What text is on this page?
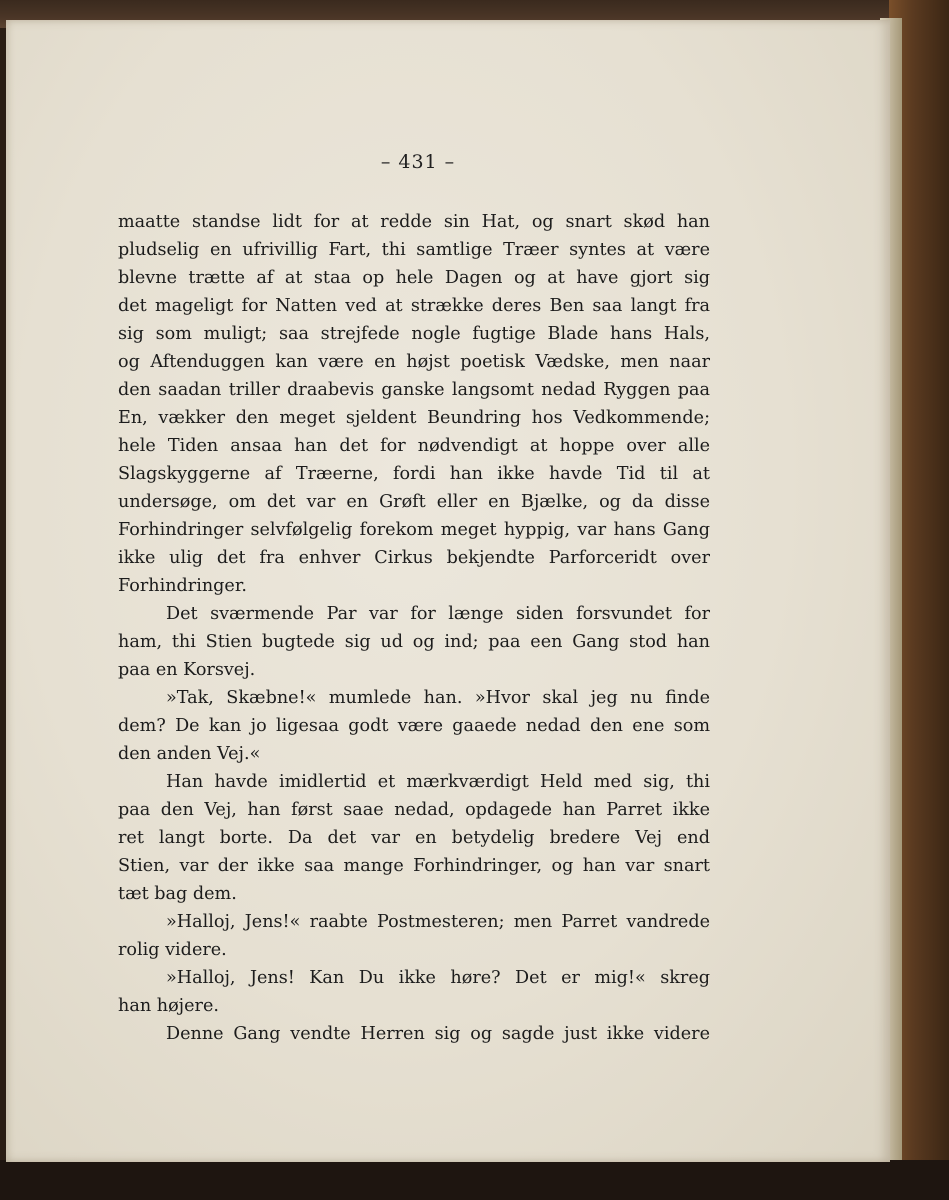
– 431 –
maatte standse lidt for at redde sin Hat, og snart skød han
pludselig en ufrivillig Fart, thi samtlige Træer syntes at være
blevne trætte af at staa op hele Dagen og at have gjort sig
det mageligt for Natten ved at strække deres Ben saa langt fra
sig som muligt; saa strejfede nogle fugtige Blade hans Hals,
og Aftenduggen kan være en højst poetisk Vædske, men naar
den saadan triller draabevis ganske langsomt nedad Ryggen paa
En, vækker den meget sjeldent Beundring hos Vedkommende;
hele Tiden ansaa han det for nødvendigt at hoppe over alle
Slagskyggerne af Træerne, fordi han ikke havde Tid til at
undersøge, om det var en Grøft eller en Bjælke, og da disse
Forhindringer selvfølgelig forekom meget hyppig, var hans Gang
ikke ulig det fra enhver Cirkus bekjendte Parforceridt over
Forhindringer.
Det sværmende Par var for længe siden forsvundet for
ham, thi Stien bugtede sig ud og ind; paa een Gang stod han
paa en Korsvej.
»Tak, Skæbne!« mumlede han. »Hvor skal jeg nu finde
dem? De kan jo ligesaa godt være gaaede nedad den ene som
den anden Vej.«
Han havde imidlertid et mærkværdigt Held med sig, thi
paa den Vej, han først saae nedad, opdagede han Parret ikke
ret langt borte. Da det var en betydelig bredere Vej end
Stien, var der ikke saa mange Forhindringer, og han var snart
tæt bag dem.
»Halloj, Jens!« raabte Postmesteren; men Parret vandrede
rolig videre.
»Halloj, Jens! Kan Du ikke høre? Det er mig!« skreg
han højere.
Denne Gang vendte Herren sig og sagde just ikke videre
